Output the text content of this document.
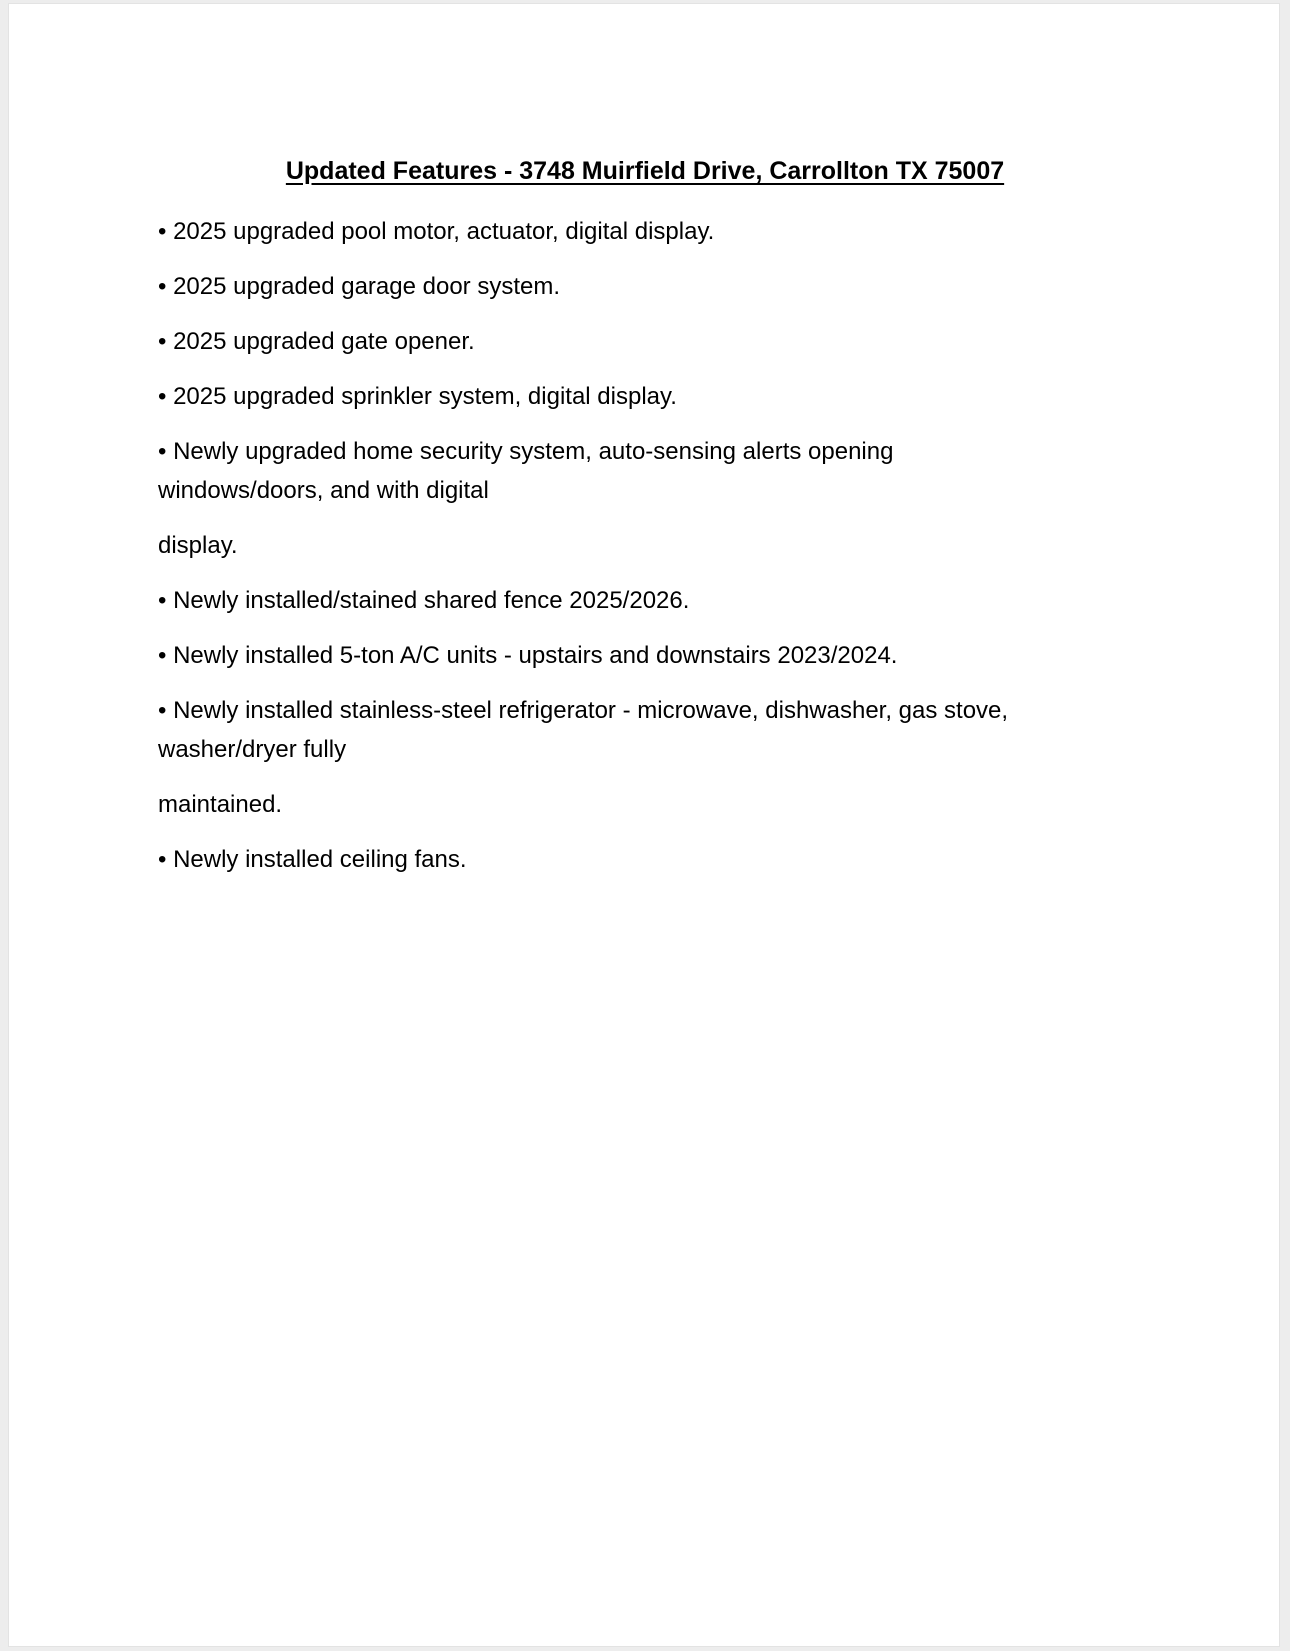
Updated Features - 3748 Muirfield Drive, Carrollton TX 75007
• 2025 upgraded pool motor, actuator, digital display.
• 2025 upgraded garage door system.
• 2025 upgraded gate opener.
• 2025 upgraded sprinkler system, digital display.
• Newly upgraded home security system, auto-sensing alerts opening
windows/doors, and with digital
display.
• Newly installed/stained shared fence 2025/2026.
• Newly installed 5-ton A/C units - upstairs and downstairs 2023/2024.
• Newly installed stainless-steel refrigerator - microwave, dishwasher, gas stove,
washer/dryer fully
maintained.
• Newly installed ceiling fans.
